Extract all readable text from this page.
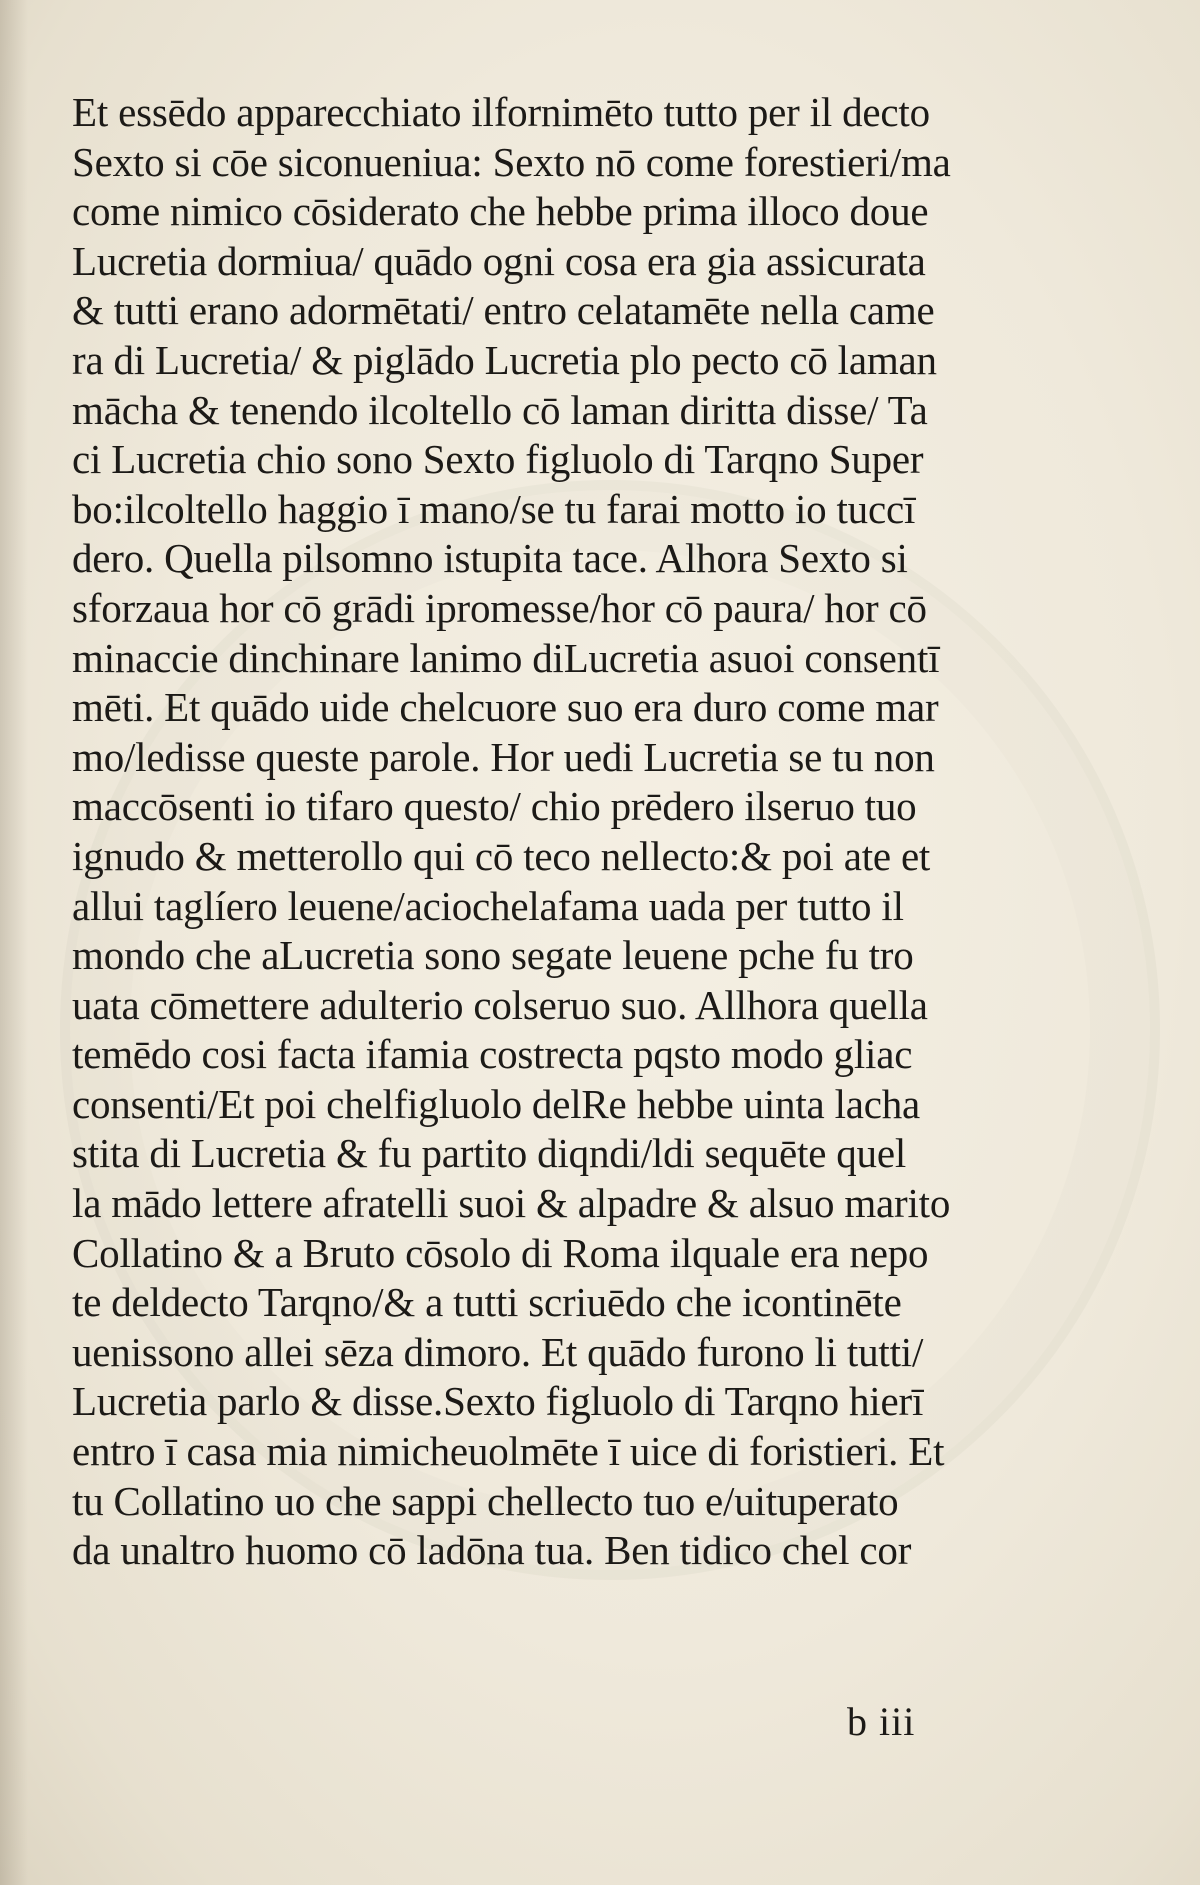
Et essēdo apparecchiato ilfornimēto tutto per il decto
Sexto si cōe siconueniua: Sexto nō come forestieri/ma
come nimico cōsiderato che hebbe prima illoco doue
Lucretia dormiua/ quādo ogni cosa era gia assicurata
& tutti erano adormētati/ entro celatamēte nella came
ra di Lucretia/ & piglādo Lucretia plo pecto cō laman
mācha & tenendo ilcoltello cō laman diritta disse/ Ta
ci Lucretia chio sono Sexto figluolo di Tarqno Super
bo:ilcoltello haggio ī mano/se tu farai motto io tuccī
dero. Quella pilsomno istupita tace. Alhora Sexto si
sforzaua hor cō grādi ipromesse/hor cō paura/ hor cō
minaccie dinchinare lanimo diLucretia asuoi consentī
mēti. Et quādo uide chelcuore suo era duro come mar
mo/ledisse queste parole. Hor uedi Lucretia se tu non
maccōsenti io tifaro questo/ chio prēdero ilseruo tuo
ignudo & metterollo qui cō teco nellecto:& poi ate et
allui taglíero leuene/aciochelafama uada per tutto il
mondo che aLucretia sono segate leuene pche fu tro
uata cōmettere adulterio colseruo suo. Allhora quella
temēdo cosi facta ifamia costrecta pqsto modo gliac
consenti/Et poi chelfigluolo delRe hebbe uinta lacha
stita di Lucretia & fu partito diqndi/ldi sequēte quel
la mādo lettere afratelli suoi & alpadre & alsuo marito
Collatino & a Bruto cōsolo di Roma ilquale era nepo
te deldecto Tarqno/& a tutti scriuēdo che icontinēte
uenissono allei sēza dimoro. Et quādo furono li tutti/
Lucretia parlo & disse.Sexto figluolo di Tarqno hierī
entro ī casa mia nimicheuolmēte ī uice di foristieri. Et
tu Collatino uo che sappi chellecto tuo e/uituperato
da unaltro huomo cō ladōna tua. Ben tidico chel cor
b iii
